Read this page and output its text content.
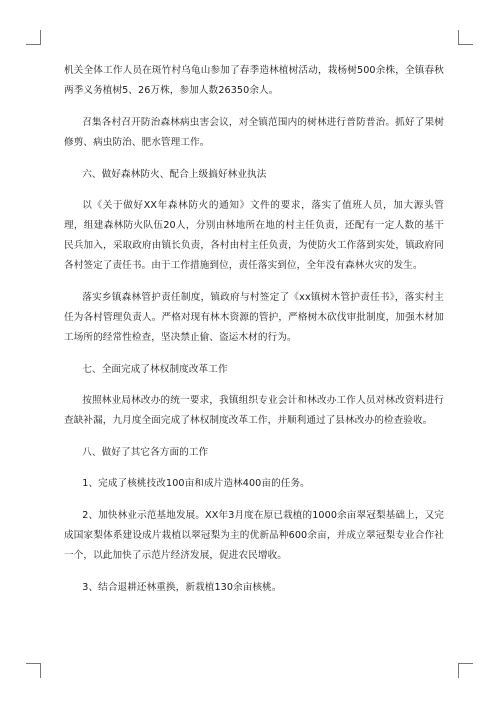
机关全体工作人员在斑竹村乌龟山参加了春季造林植树活动，栽杨树500余株，全镇春秋两季义务植树5、26万株，参加人数26350余人。

召集各村召开防治森林病虫害会议，对全镇范围内的树林进行普防普治。抓好了果树修剪、病虫防治、肥水管理工作。

六、做好森林防火、配合上级搞好林业执法

以《关于做好XX年森林防火的通知》文件的要求，落实了值班人员，加大源头管理，组建森林防火队伍20人，分别由林地所在地的村主任负责，还配有一定人数的基干民兵加入，采取政府由镇长负责，各村由村主任负责，为使防火工作落到实处，镇政府同各村签定了责任书。由于工作措施到位，责任落实到位，全年没有森林火灾的发生。

落实乡镇森林管护责任制度，镇政府与村签定了《xx镇树木管护责任书》，落实村主任为各村管理负责人。严格对现有林木资源的管护，严格树木砍伐审批制度，加强木材加工场所的经常性检查，坚决禁止偷、盗运木材的行为。

七、全面完成了林权制度改革工作

按照林业局林改办的统一要求，我镇组织专业会计和林改办工作人员对林改资料进行查缺补漏，九月度全面完成了林权制度改革工作，并顺利通过了县林改办的检查验收。

八、做好了其它各方面的工作

1、完成了核桃技改100亩和成片造林400亩的任务。

2、加快林业示范基地发展。XX年3月度在原已栽植的1000余亩翠冠梨基础上，又完成国家梨体系建设成片栽植以翠冠梨为主的优新品种600余亩，并成立翠冠梨专业合作社一个，以此加快了示范片经济发展，促进农民增收。

3、结合退耕还林重换，新栽植130余亩核桃。
